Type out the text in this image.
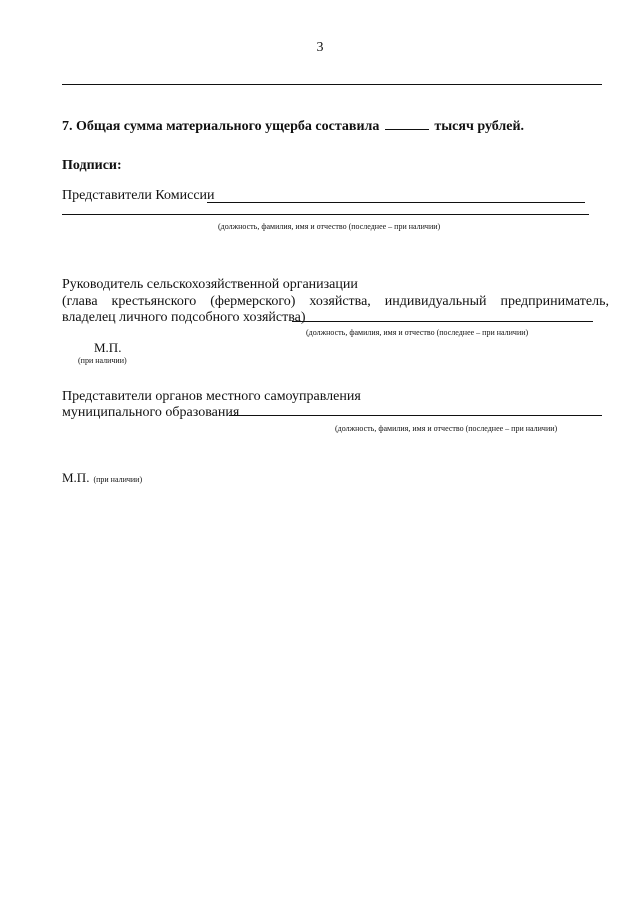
3
7. Общая сумма материального ущерба составила	тысяч рублей.
Подписи:
Представители Комиссии
(должность, фамилия, имя и отчество (последнее – при наличии)
Руководитель сельскохозяйственной организации
(глава крестьянского (фермерского) хозяйства, индивидуальный предприниматель,
владелец личного подсобного хозяйства)
(должность, фамилия, имя и отчество (последнее – при наличии)
М.П.
(при наличии)
Представители органов местного самоуправления
муниципального образования
(должность, фамилия, имя и отчество (последнее – при наличии)
М.П. (при наличии)
